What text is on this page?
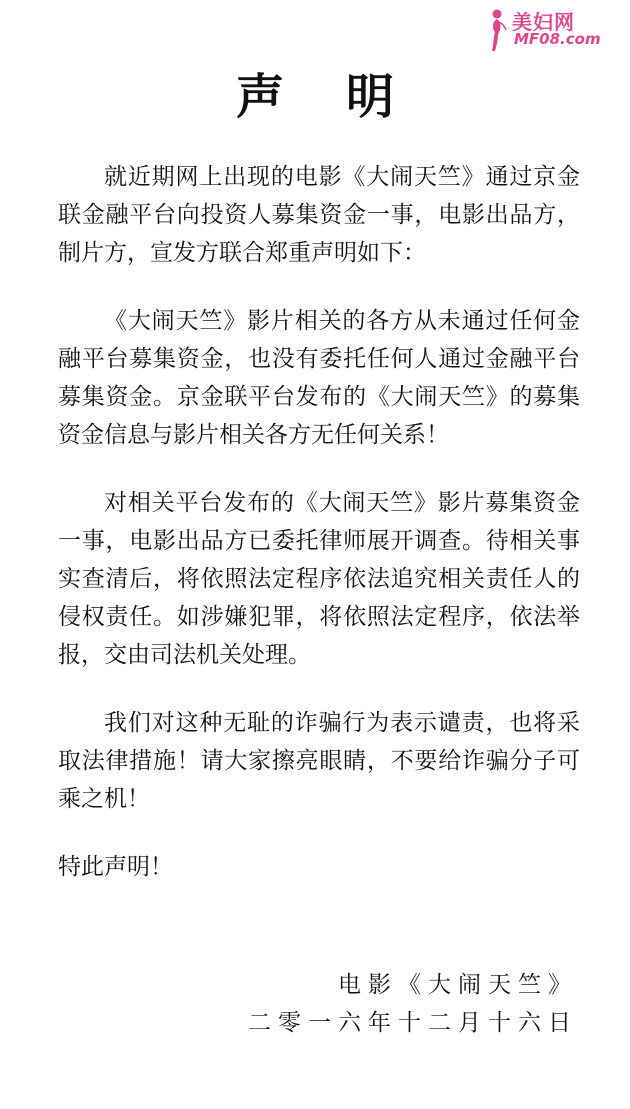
美妇网
MF08.com
声明

就近期网上出现的电影《大闹天竺》通过京金联金融平台向投资人募集资金一事，电影出品方，制片方，宣发方联合郑重声明如下：

《大闹天竺》影片相关的各方从未通过任何金融平台募集资金，也没有委托任何人通过金融平台募集资金。京金联平台发布的《大闹天竺》的募集资金信息与影片相关各方无任何关系！

对相关平台发布的《大闹天竺》影片募集资金一事，电影出品方已委托律师展开调查。待相关事实查清后，将依照法定程序依法追究相关责任人的侵权责任。如涉嫌犯罪，将依照法定程序，依法举报，交由司法机关处理。

我们对这种无耻的诈骗行为表示谴责，也将采取法律措施！请大家擦亮眼睛，不要给诈骗分子可乘之机！

特此声明！

电影《大闹天竺》
二零一六年十二月十六日
